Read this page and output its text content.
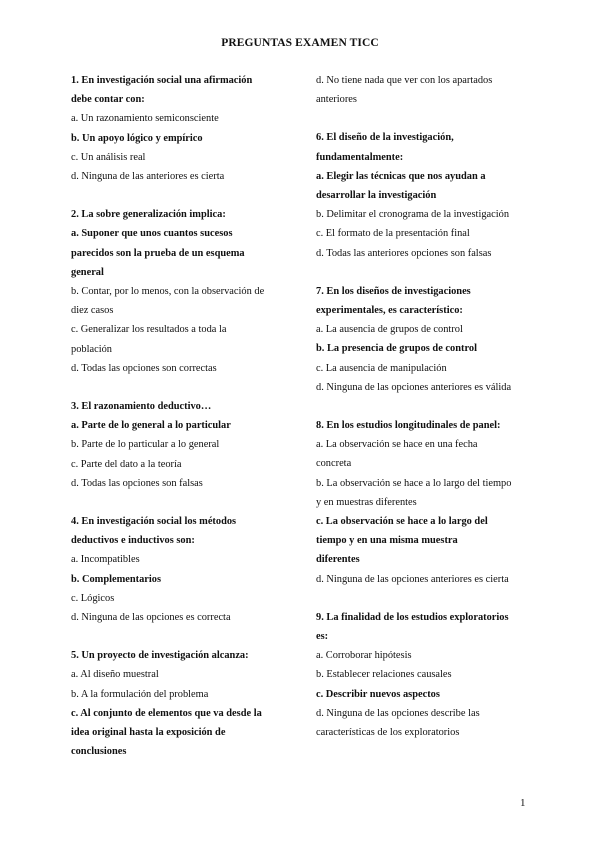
PREGUNTAS EXAMEN TICC
1. En investigación social una afirmación
debe contar con:
a. Un razonamiento semiconsciente
b. Un apoyo lógico y empírico
c. Un análisis real
d. Ninguna de las anteriores es cierta
2. La sobre generalización implica:
a. Suponer que unos cuantos sucesos
parecidos son la prueba de un esquema
general
b. Contar, por lo menos, con la observación de
diez casos
c. Generalizar los resultados a toda la
población
d. Todas las opciones son correctas
3. El razonamiento deductivo…
a. Parte de lo general a lo particular
b. Parte de lo particular a lo general
c. Parte del dato a la teoría
d. Todas las opciones son falsas
4. En investigación social los métodos
deductivos e inductivos son:
a. Incompatibles
b. Complementarios
c. Lógicos
d. Ninguna de las opciones es correcta
5. Un proyecto de investigación alcanza:
a. Al diseño muestral
b. A la formulación del problema
c. Al conjunto de elementos que va desde la
idea original hasta la exposición de
conclusiones
d. No tiene nada que ver con los apartados
anteriores
6. El diseño de la investigación,
fundamentalmente:
a. Elegir las técnicas que nos ayudan a
desarrollar la investigación
b. Delimitar el cronograma de la investigación
c. El formato de la presentación final
d. Todas las anteriores opciones son falsas
7. En los diseños de investigaciones
experimentales, es característico:
a. La ausencia de grupos de control
b. La presencia de grupos de control
c. La ausencia de manipulación
d. Ninguna de las opciones anteriores es válida
8. En los estudios longitudinales de panel:
a. La observación se hace en una fecha
concreta
b. La observación se hace a lo largo del tiempo
y en muestras diferentes
c. La observación se hace a lo largo del
tiempo y en una misma muestra
diferentes
d. Ninguna de las opciones anteriores es cierta
9. La finalidad de los estudios exploratorios
es:
a. Corroborar hipótesis
b. Establecer relaciones causales
c. Describir nuevos aspectos
d. Ninguna de las opciones describe las
características de los exploratorios
1
